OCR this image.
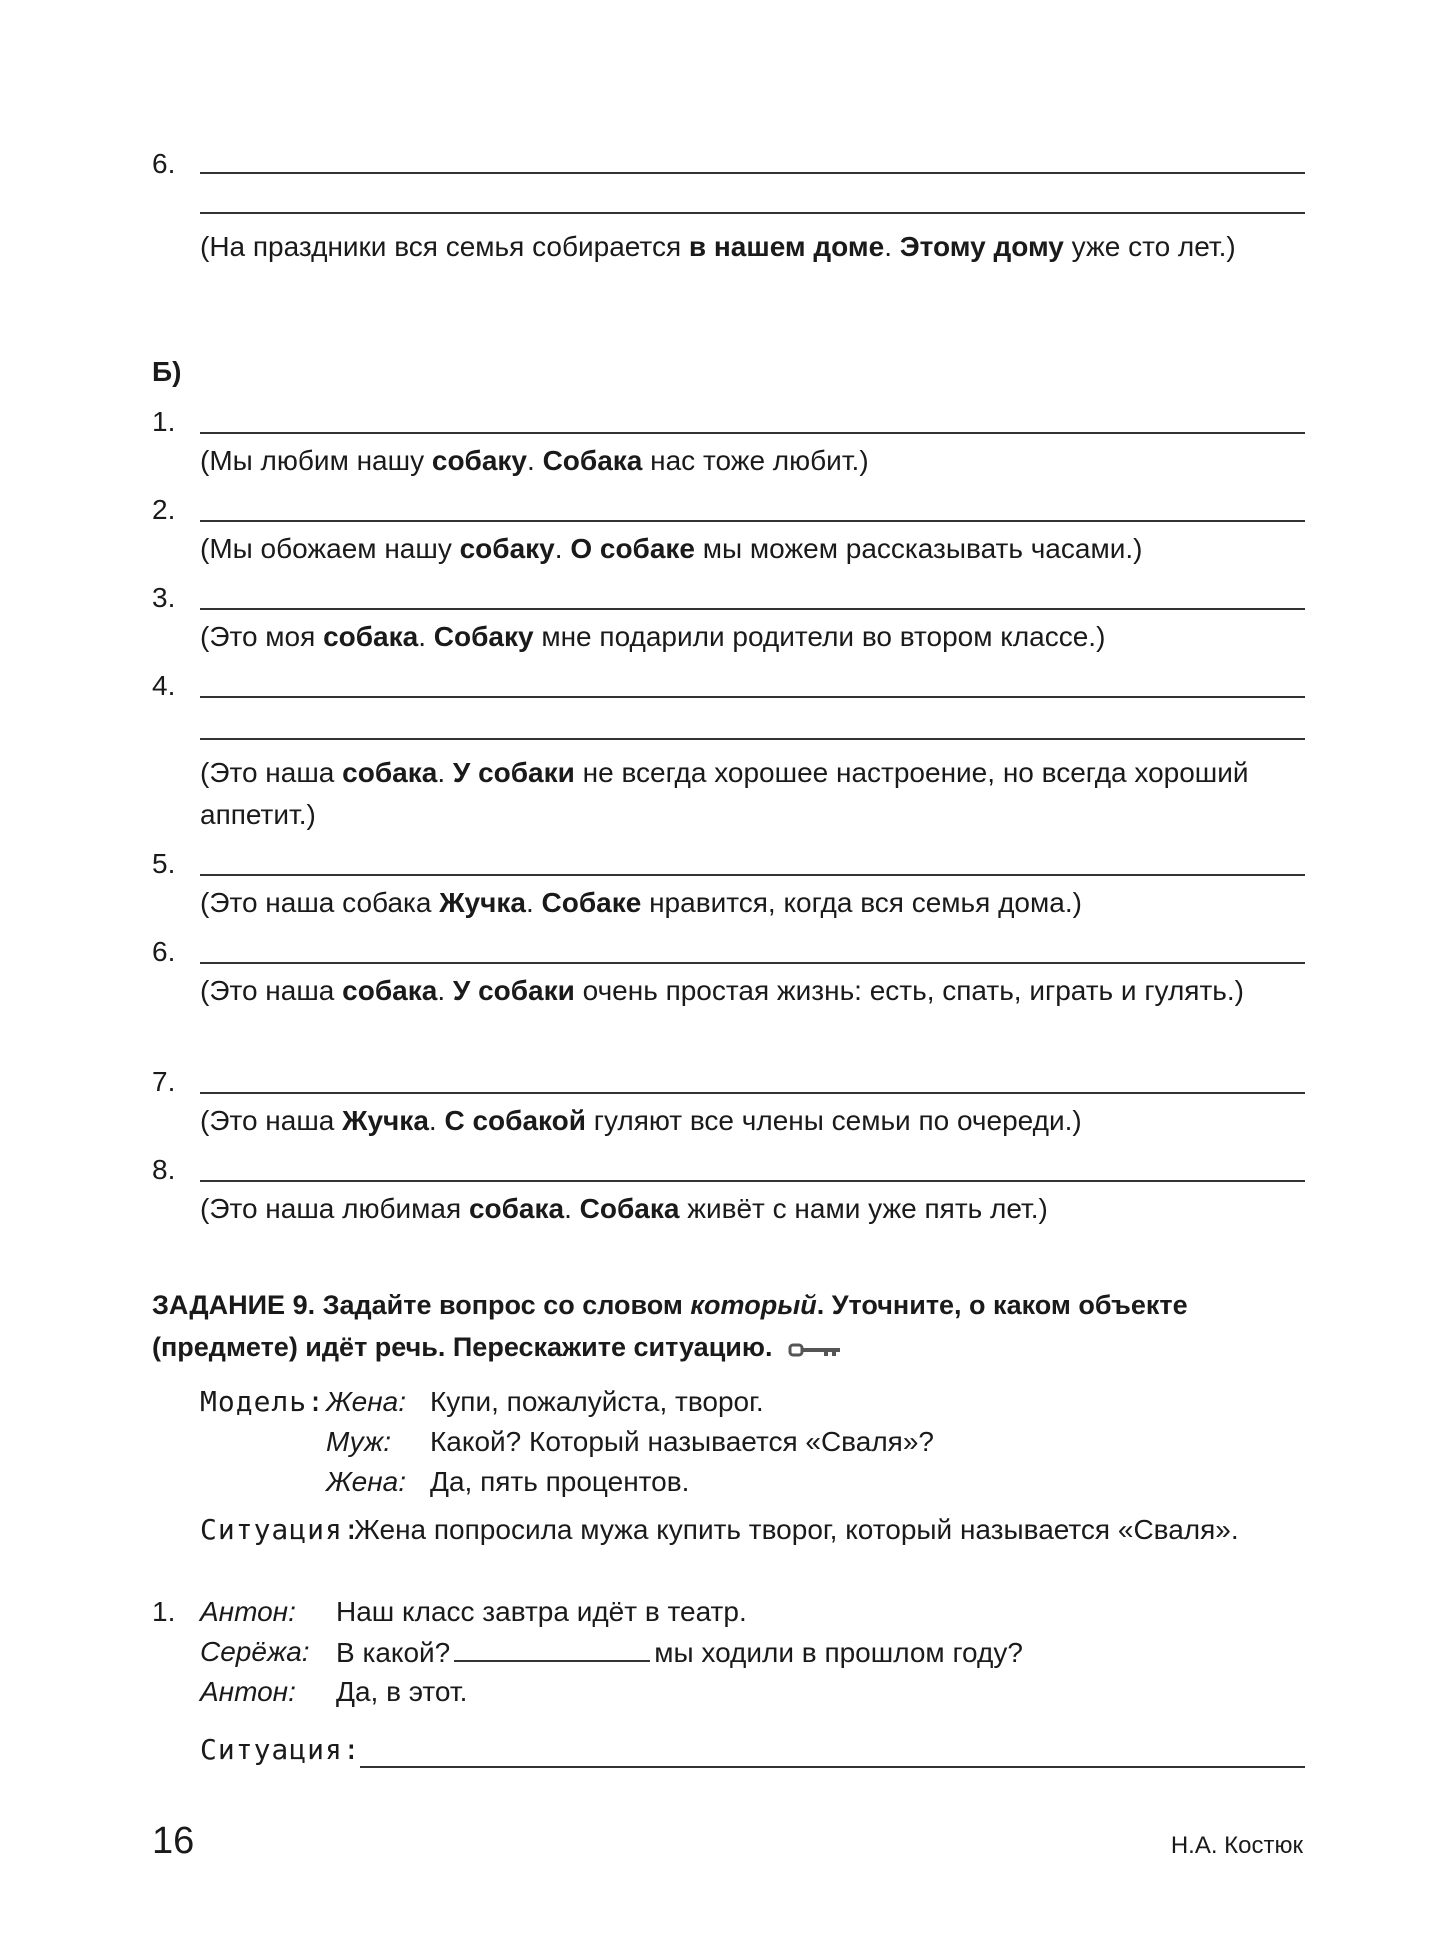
6.
(На праздники вся семья собирается в нашем доме. Этому дому уже сто лет.)
Б)
1.
(Мы любим нашу собаку. Собака нас тоже любит.)
2.
(Мы обожаем нашу собаку. О собаке мы можем рассказывать часами.)
3.
(Это моя собака. Собаку мне подарили родители во втором классе.)
4.
(Это наша собака. У собаки не всегда хорошее настроение, но всегда хороший аппетит.)
5.
(Это наша собака Жучка. Собаке нравится, когда вся семья дома.)
6.
(Это наша собака. У собаки очень простая жизнь: есть, спать, играть и гулять.)
7.
(Это наша Жучка. С собакой гуляют все члены семьи по очереди.)
8.
(Это наша любимая собака. Собака живёт с нами уже пять лет.)
ЗАДАНИЕ 9. Задайте вопрос со словом который. Уточните, о каком объекте (предмете) идёт речь. Перескажите ситуацию.
Модель: Жена: Купи, пожалуйста, творог.
Муж: Какой? Который называется «Сваля»?
Жена: Да, пять процентов.
Ситуация:
Жена попросила мужа купить творог, который называется «Сваля».
1. Антон: Наш класс завтра идёт в театр.
Серёжа: В какой?	мы ходили в прошлом году?
Антон: Да, в этот.
Ситуация:
16	Н.А. Костюк
